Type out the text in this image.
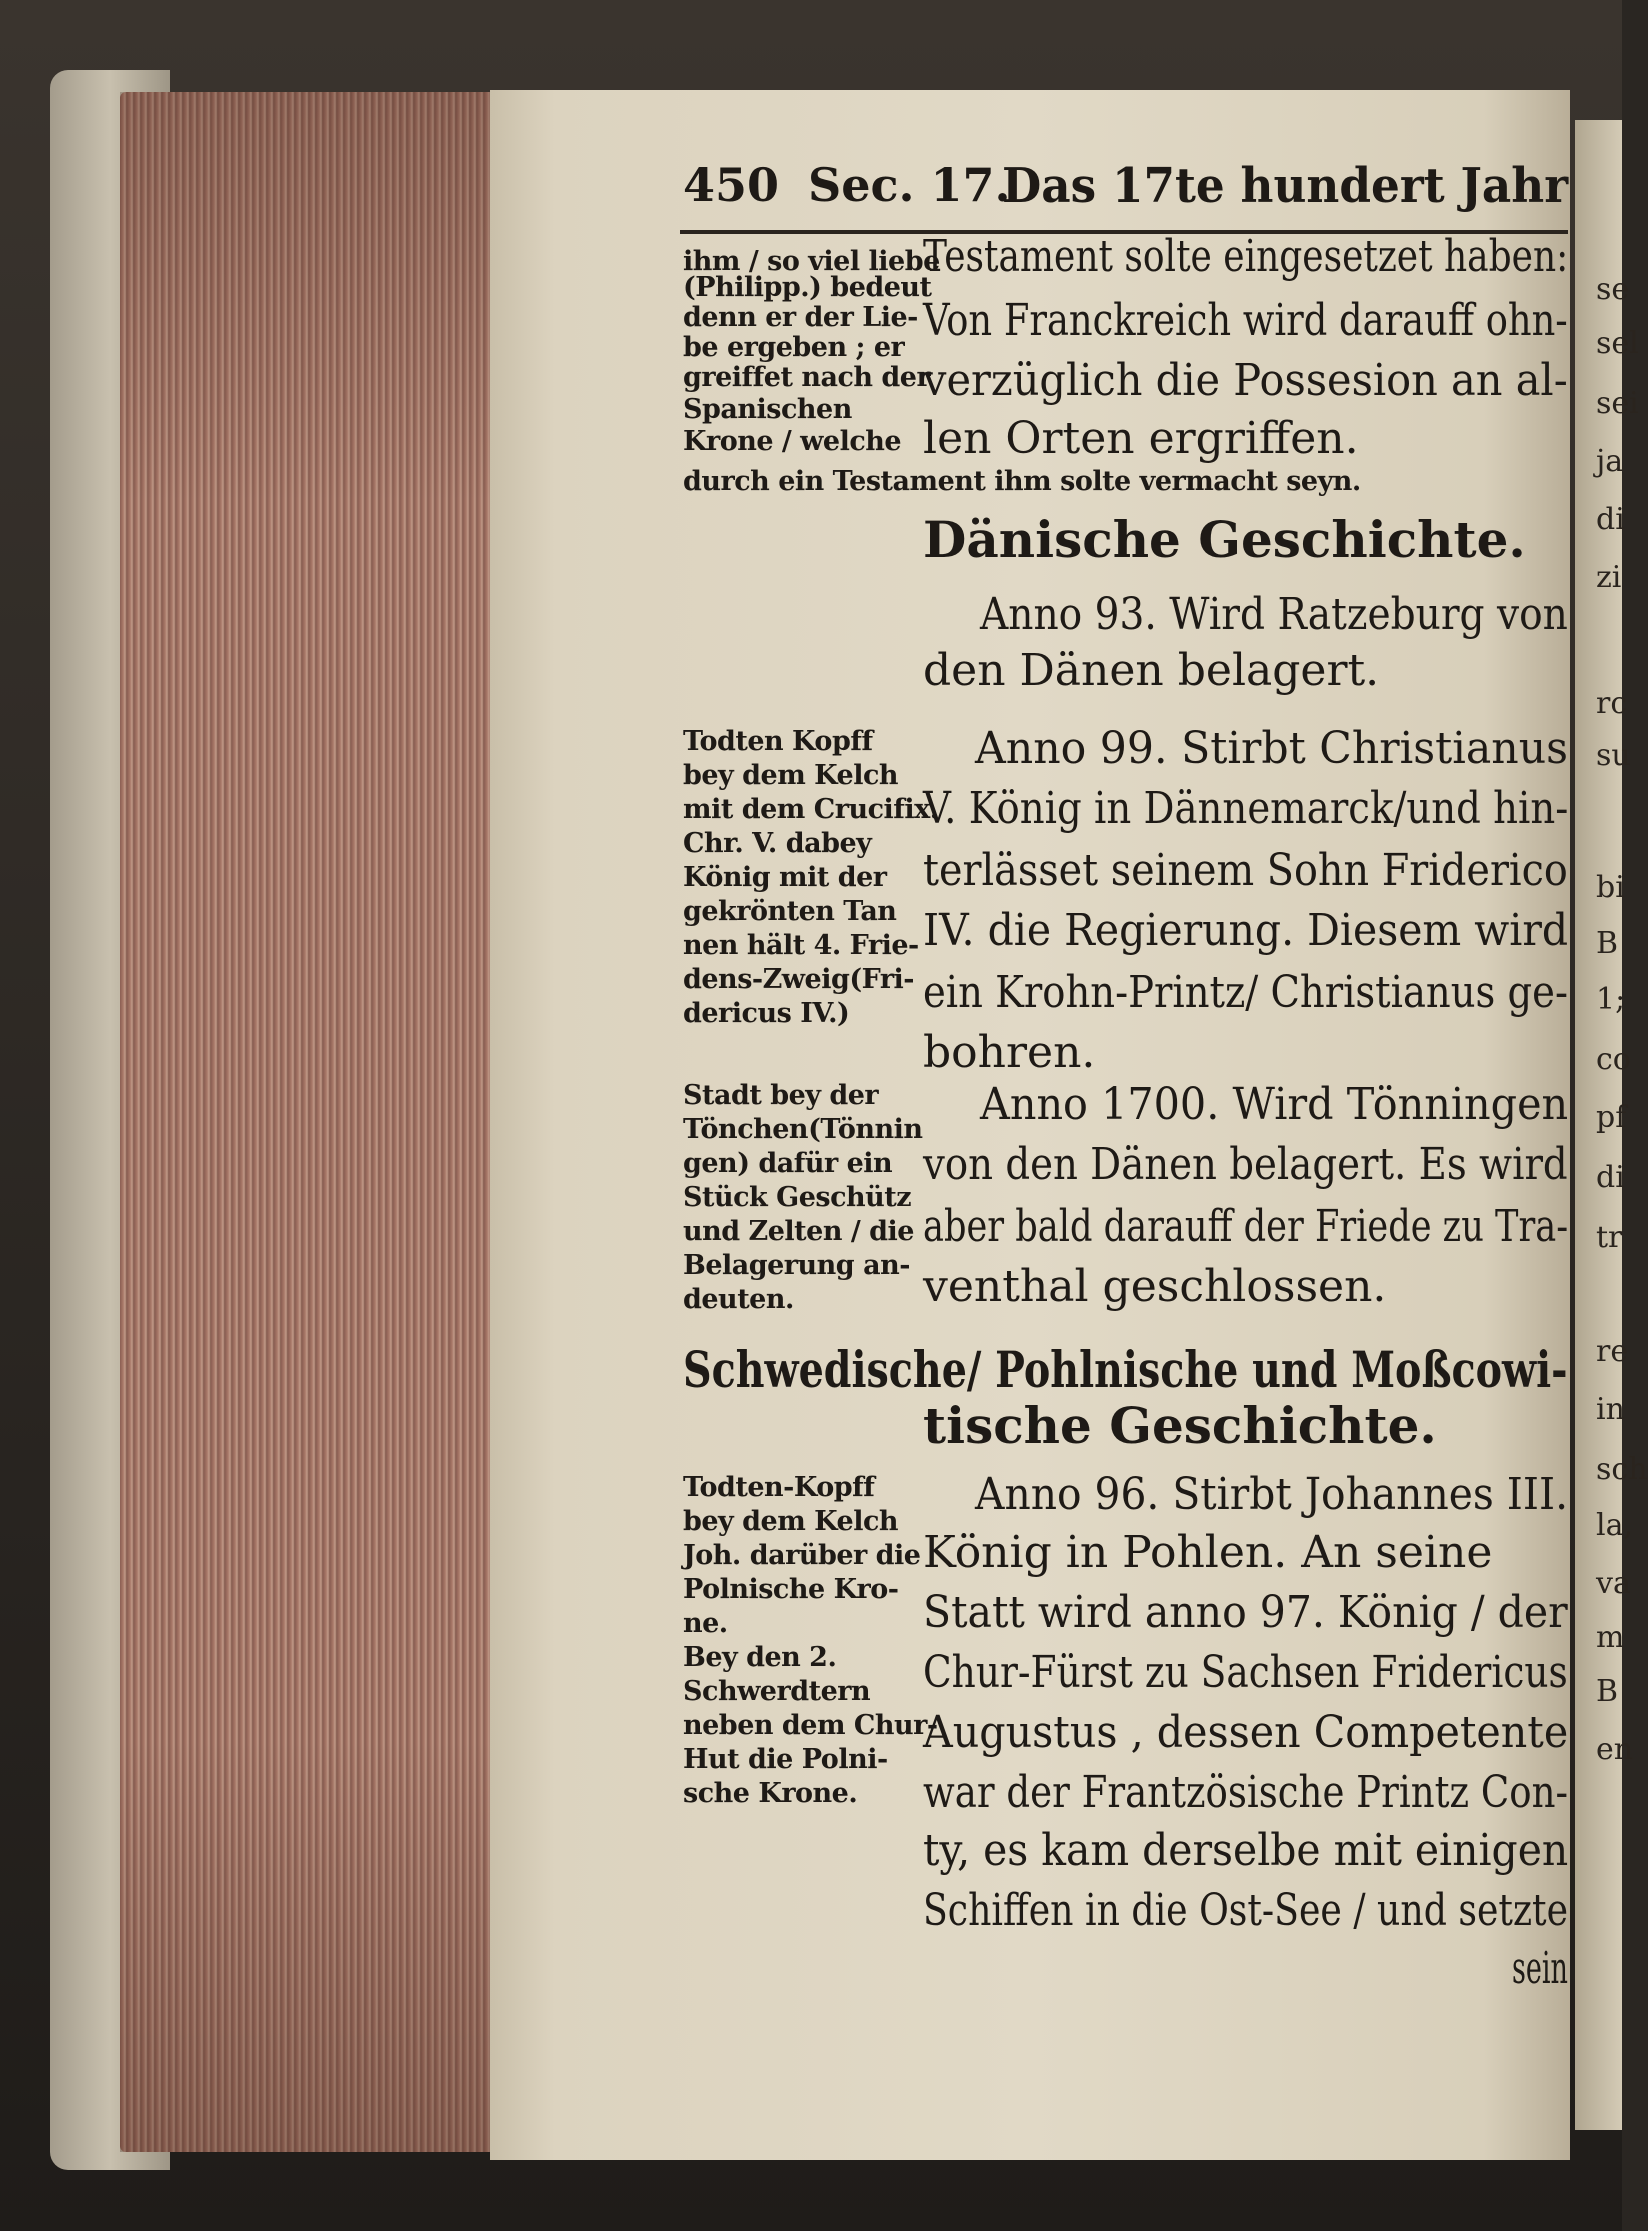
450 Sec. 17.
Das 17te hundert Jahr
ihm / so viel liebe
(Philipp.) bedeut
denn er der Lie-
be ergeben ; er
greiffet nach der
Spanischen
Krone / welche
durch ein Testament ihm solte vermacht seyn.
Testament solte eingesetzet haben:
Von Franckreich wird darauff ohn-
verzüglich die Possesion an al-
len Orten ergriffen.
Dänische Geschichte.
Anno 93. Wird Ratzeburg von
den Dänen belagert.
Todten Kopff
bey dem Kelch
mit dem Crucifix.
Chr. V. dabey
König mit der
gekrönten Tan
nen hält 4. Frie-
dens-Zweig(Fri-
dericus IV.)
Anno 99. Stirbt Christianus
V. König in Dännemarck/und hin-
terlässet seinem Sohn Friderico
IV. die Regierung. Diesem wird
ein Krohn-Printz/ Christianus ge-
bohren.
Stadt bey der
Tönchen(Tönnin
gen) dafür ein
Stück Geschütz
und Zelten / die
Belagerung an-
deuten.
Anno 1700. Wird Tönningen
von den Dänen belagert. Es wird
aber bald darauff der Friede zu Tra-
venthal geschlossen.
Schwedische/ Pohlnische und Moßcowi-
tische Geschichte.
Todten-Kopff
bey dem Kelch
Joh. darüber die
Polnische Kro-
ne.
Bey den 2.
Schwerdtern
neben dem Chur-
Hut die Polni-
sche Krone.
Anno 96. Stirbt Johannes III.
König in Pohlen. An seine
Statt wird anno 97. König / der
Chur-Fürst zu Sachsen Fridericus
Augustus , dessen Competente
war der Frantzösische Printz Con-
ty, es kam derselbe mit einigen
Schiffen in die Ost-See / und setzte
sein
se
sel
sei
ja
di
zi
rc
su
bi
B
1;
co
pf
di
tr
re
in
sch
la,
va
m
B
en
